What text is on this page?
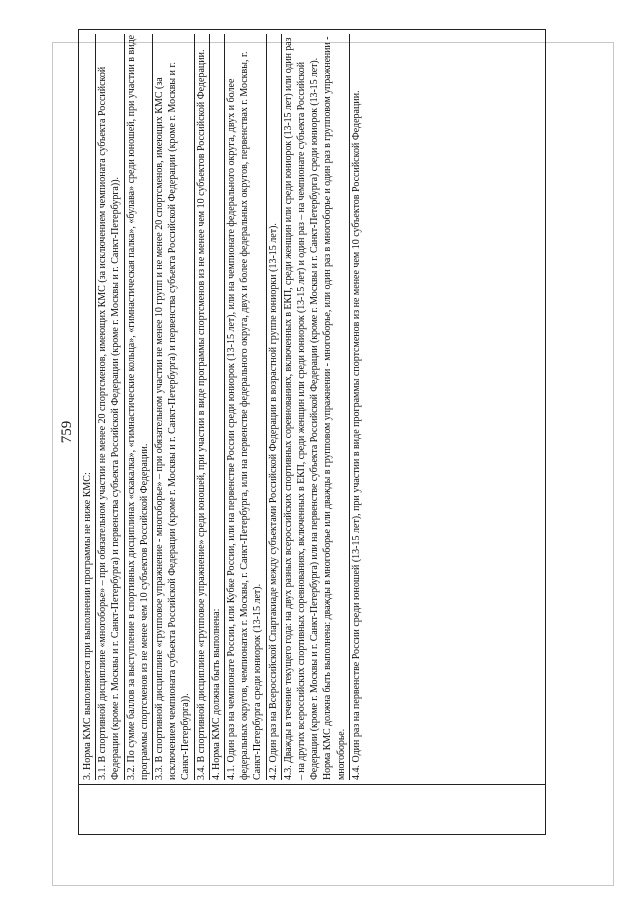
759
3. Норма КМС выполняется при выполнении программы не ниже КМС: 3.1. В спортивной дисциплине «многоборье» – при обязательном участии не менее 20 спортсменов, имеющих КМС (за исключением чемпионата субъекта Российской Федерации (кроме г. Москвы и г. Санкт-Петербурга) и первенства субъекта Российской Федерации (кроме г. Москвы и г. Санкт-Петербурга)). 3.2. По сумме баллов за выступление в спортивных дисциплинах «скакалка», «гимнастические кольца», «гимнастическая палка», «булава» среди юношей, при участии в виде программы спортсменов из не менее чем 10 субъектов Российской Федерации. 3.3. В спортивной дисциплине «групповое упражнение - многоборье» – при обязательном участии не менее 10 групп и не менее 20 спортсменов, имеющих КМС (за исключением чемпионата субъекта Российской Федерации (кроме г. Москвы и г. Санкт-Петербурга) и первенства субъекта Российской Федерации (кроме г. Москвы и г. Санкт-Петербурга)). 3.4. В спортивной дисциплине «групповое упражнение» среди юношей, при участии в виде программы спортсменов из не менее чем 10 субъектов Российской Федерации. 4. Норма КМС должна быть выполнена: 4.1. Один раз на чемпионате России, или Кубке России, или на первенстве России среди юниорок (13-15 лет), или на чемпионате федерального округа, двух и более федеральных округов, чемпионатах г. Москвы, г. Санкт-Петербурга, или на первенстве федерального округа, двух и более федеральных округов, первенствах г. Москвы, г. Санкт-Петербурга среди юниорок (13-15 лет). 4.2. Один раз на Всероссийской Спартакиаде между субъектами Российской Федерации в возрастной группе юниорки (13-15 лет). 4.3. Дважды в течение текущего года: на двух разных всероссийских спортивных соревнованиях, включенных в ЕКП, среди женщин или среди юниорок (13-15 лет) или один раз – на других всероссийских спортивных соревнованиях, включенных в ЕКП, среди женщин или среди юниорок (13-15 лет) и один раз – на чемпионате субъекта Российской Федерации (кроме г. Москвы и г. Санкт-Петербурга) или на первенстве субъекта Российской Федерации (кроме г. Москвы и г. Санкт-Петербурга) среди юниорок (13-15 лет). Норма КМС должна быть выполнена: дважды в многоборье или дважды в групповом упражнении - многоборье, или один раз в многоборье и один раз в групповом упражнении - многоборье. 4.4. Один раз на первенстве России среди юношей (13-15 лет), при участии в виде программы спортсменов из не менее чем 10 субъектов Российской Федерации.
